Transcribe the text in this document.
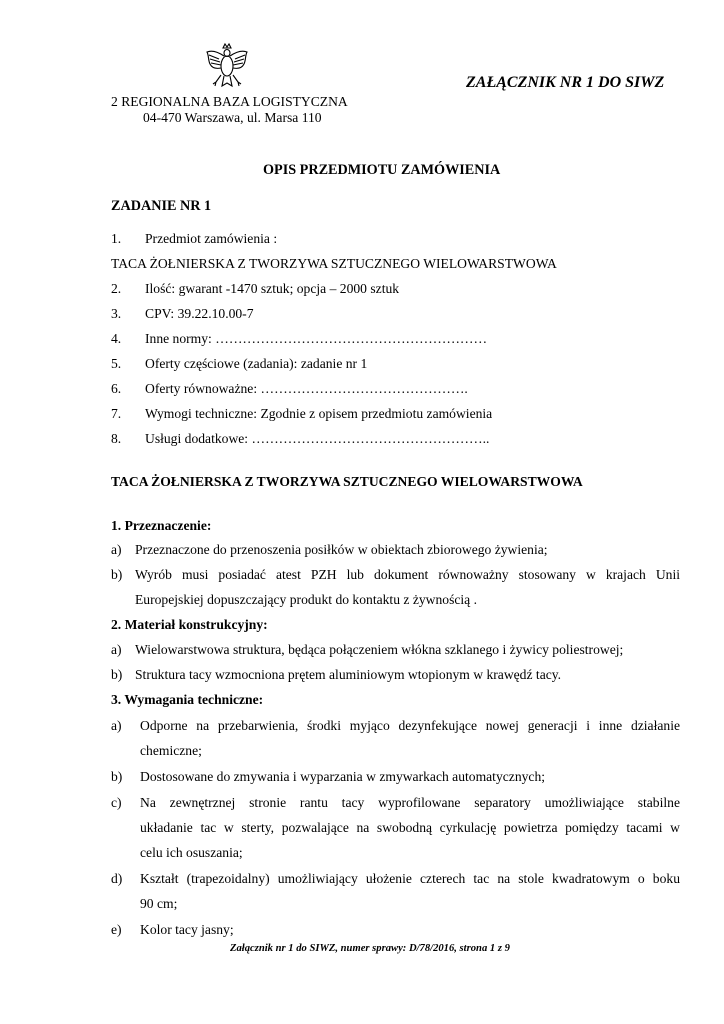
2 REGIONALNA BAZA LOGISTYCZNA
04-470 Warszawa, ul. Marsa 110
ZAŁĄCZNIK NR 1 DO SIWZ
OPIS PRZEDMIOTU ZAMÓWIENIA
ZADANIE NR 1
1. Przedmiot zamówienia :
TACA ŻOŁNIERSKA Z TWORZYWA SZTUCZNEGO WIELOWARSTWOWA
2. Ilość: gwarant -1470 sztuk; opcja – 2000 sztuk
3. CPV: 39.22.10.00-7
4. Inne normy: ……………………………………………………
5. Oferty częściowe (zadania): zadanie nr 1
6. Oferty równoważne: ……………………………………….
7. Wymogi techniczne: Zgodnie z opisem przedmiotu zamówienia
8. Usługi dodatkowe: ……………………………………………..
TACA ŻOŁNIERSKA Z TWORZYWA SZTUCZNEGO WIELOWARSTWOWA
1. Przeznaczenie:
a) Przeznaczone do przenoszenia posiłków w obiektach zbiorowego żywienia;
b) Wyrób musi posiadać atest PZH lub dokument równoważny stosowany w krajach Unii
Europejskiej dopuszczający produkt do kontaktu z żywnością .
2. Materiał konstrukcyjny:
a) Wielowarstwowa struktura, będąca połączeniem włókna szklanego i żywicy poliestrowej;
b) Struktura tacy wzmocniona prętem aluminiowym wtopionym w krawędź tacy.
3. Wymagania techniczne:
a) Odporne na przebarwienia, środki myjąco dezynfekujące nowej generacji i inne działanie
chemiczne;
b) Dostosowane do zmywania i wyparzania w zmywarkach automatycznych;
c) Na zewnętrznej stronie rantu tacy wyprofilowane separatory umożliwiające stabilne
układanie tac w sterty, pozwalające na swobodną cyrkulację powietrza pomiędzy tacami w
celu ich osuszania;
d) Kształt (trapezoidalny) umożliwiający ułożenie czterech tac na stole kwadratowym o boku
90 cm;
e) Kolor tacy jasny;
Załącznik nr 1 do SIWZ, numer sprawy: D/78/2016, strona 1 z 9
